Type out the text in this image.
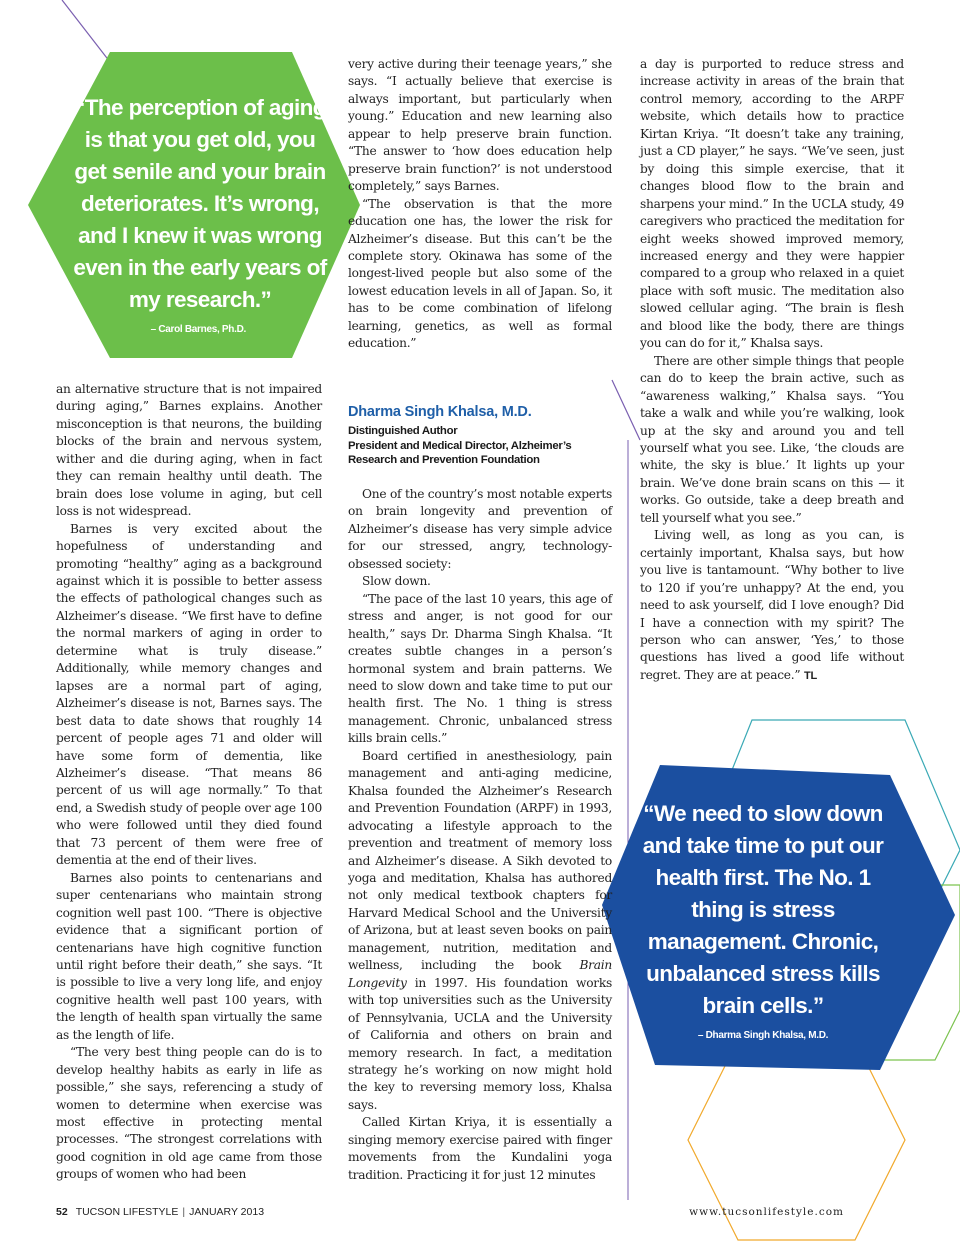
“The perception of aging is that you get old, you get senile and your brain deteriorates. It’s wrong, and I knew it was wrong even in the early years of my research.”
– Carol Barnes, Ph.D.

an alternative structure that is not impaired during aging,” Barnes explains. Another misconception is that neurons, the building blocks of the brain and nervous system, wither and die during aging, when in fact they can remain healthy until death. The brain does lose volume in aging, but cell loss is not widespread.

Barnes is very excited about the hopefulness of understanding and promoting “healthy” aging as a background against which it is possible to better assess the effects of pathological changes such as Alzheimer’s disease. “We first have to define the normal markers of aging in order to determine what is truly disease.” Additionally, while memory changes and lapses are a normal part of aging, Alzheimer’s disease is not, Barnes says. The best data to date shows that roughly 14 percent of people ages 71 and older will have some form of dementia, like Alzheimer’s disease. “That means 86 percent of us will age normally.” To that end, a Swedish study of people over age 100 who were followed until they died found that 73 percent of them were free of dementia at the end of their lives.

Barnes also points to centenarians and super centenarians who maintain strong cognition well past 100. “There is objective evidence that a significant portion of centenarians have high cognitive function until right before their death,” she says. “It is possible to live a very long life, and enjoy cognitive health well past 100 years, with the length of health span virtually the same as the length of life.

“The very best thing people can do is to develop healthy habits as early in life as possible,” she says, referencing a study of women to determine when exercise was most effective in protecting mental processes. “The strongest correlations with good cognition in old age came from those groups of women who had been

very active during their teenage years,” she says. “I actually believe that exercise is always important, but particularly when young.” Education and new learning also appear to help preserve brain function. “The answer to ‘how does education help preserve brain function?’ is not understood completely,” says Barnes.

“The observation is that the more education one has, the lower the risk for Alzheimer’s disease. But this can’t be the complete story. Okinawa has some of the longest-lived people but also some of the lowest education levels in all of Japan. So, it has to be come combination of lifelong learning, genetics, as well as formal education.”

Dharma Singh Khalsa, M.D.
Distinguished Author
President and Medical Director, Alzheimer’s Research and Prevention Foundation

One of the country’s most notable experts on brain longevity and prevention of Alzheimer’s disease has very simple advice for our stressed, angry, technology-obsessed society:

Slow down.

“The pace of the last 10 years, this age of stress and anger, is not good for our health,” says Dr. Dharma Singh Khalsa. “It creates subtle changes in a person’s hormonal system and brain patterns. We need to slow down and take time to put our health first. The No. 1 thing is stress management. Chronic, unbalanced stress kills brain cells.”

Board certified in anesthesiology, pain management and anti-aging medicine, Khalsa founded the Alzheimer’s Research and Prevention Foundation (ARPF) in 1993, advocating a lifestyle approach to the prevention and treatment of memory loss and Alzheimer’s disease. A Sikh devoted to yoga and meditation, Khalsa has authored not only medical textbook chapters for Harvard Medical School and the University of Arizona, but at least seven books on pain management, nutrition, meditation and wellness, including the book Brain Longevity in 1997. His foundation works with top universities such as the University of Pennsylvania, UCLA and the University of California and others on brain and memory research. In fact, a meditation strategy he’s working on now might hold the key to reversing memory loss, Khalsa says.

Called Kirtan Kriya, it is essentially a singing memory exercise paired with finger movements from the Kundalini yoga tradition. Practicing it for just 12 minutes

a day is purported to reduce stress and increase activity in areas of the brain that control memory, according to the ARPF website, which details how to practice Kirtan Kriya. “It doesn’t take any training, just a CD player,” he says. “We’ve seen, just by doing this simple exercise, that it changes blood flow to the brain and sharpens your mind.” In the UCLA study, 49 caregivers who practiced the meditation for eight weeks showed improved memory, increased energy and they were happier compared to a group who relaxed in a quiet place with soft music. The meditation also slowed cellular aging. “The brain is flesh and blood like the body, there are things you can do for it,” Khalsa says.

There are other simple things that people can do to keep the brain active, such as “awareness walking,” Khalsa says. “You take a walk and while you’re walking, look up at the sky and around you and tell yourself what you see. Like, ‘the clouds are white, the sky is blue.’ It lights up your brain. We’ve done brain scans on this — it works. Go outside, take a deep breath and tell yourself what you see.”

Living well, as long as you can, is certainly important, Khalsa says, but how you live is tantamount. “Why bother to live to 120 if you’re unhappy? At the end, you need to ask yourself, did I love enough? Did I have a connection with my spirit? The person who can answer, ‘Yes,’ to those questions has lived a good life without regret. They are at peace.” TL

“We need to slow down and take time to put our health first. The No. 1 thing is stress management. Chronic, unbalanced stress kills brain cells.”
– Dharma Singh Khalsa, M.D.
52 TUCSON LIFESTYLE | JANUARY 2013	www.tucsonlifestyle.com
